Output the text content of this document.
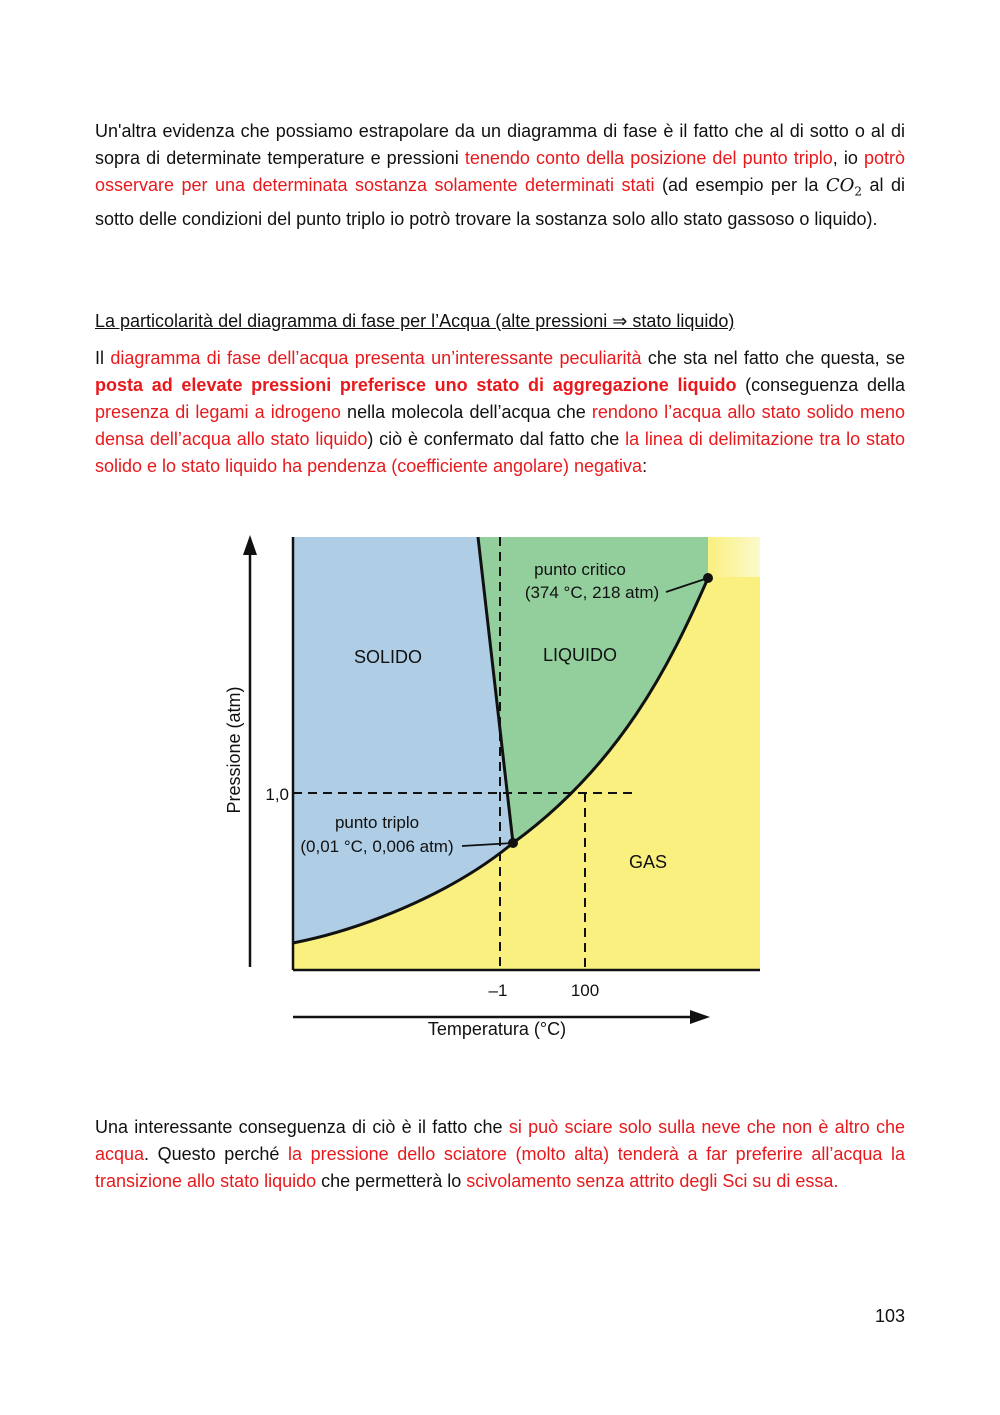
Un'altra evidenza che possiamo estrapolare da un diagramma di fase è il fatto che al di sotto o al di sopra di determinate temperature e pressioni tenendo conto della posizione del punto triplo, io potrò osservare per una determinata sostanza solamente determinati stati (ad esempio per la $CO_2$ al di sotto delle condizioni del punto triplo io potrò trovare la sostanza solo allo stato gassoso o liquido).

La particolarità del diagramma di fase per l’Acqua (alte pressioni ⇒ stato liquido)

Il diagramma di fase dell’acqua presenta un’interessante peculiarità che sta nel fatto che questa, se posta ad elevate pressioni preferisce uno stato di aggregazione liquido (conseguenza della presenza di legami a idrogeno nella molecola dell’acqua che rendono l’acqua allo stato solido meno densa dell’acqua allo stato liquido) ciò è confermato dal fatto che la linea di delimitazione tra lo stato solido e lo stato liquido ha pendenza (coefficiente angolare) negativa:

SOLIDO	LIQUIDO
GAS
punto critico
(374 °C, 218 atm)
punto triplo
(0,01 °C, 0,006 atm)
1,0
–1	100
Temperatura (°C)
Pressione (atm)

Una interessante conseguenza di ciò è il fatto che si può sciare solo sulla neve che non è altro che acqua. Questo perché la pressione dello sciatore (molto alta) tenderà a far preferire all’acqua la transizione allo stato liquido che permetterà lo scivolamento senza attrito degli Sci su di essa.

103
